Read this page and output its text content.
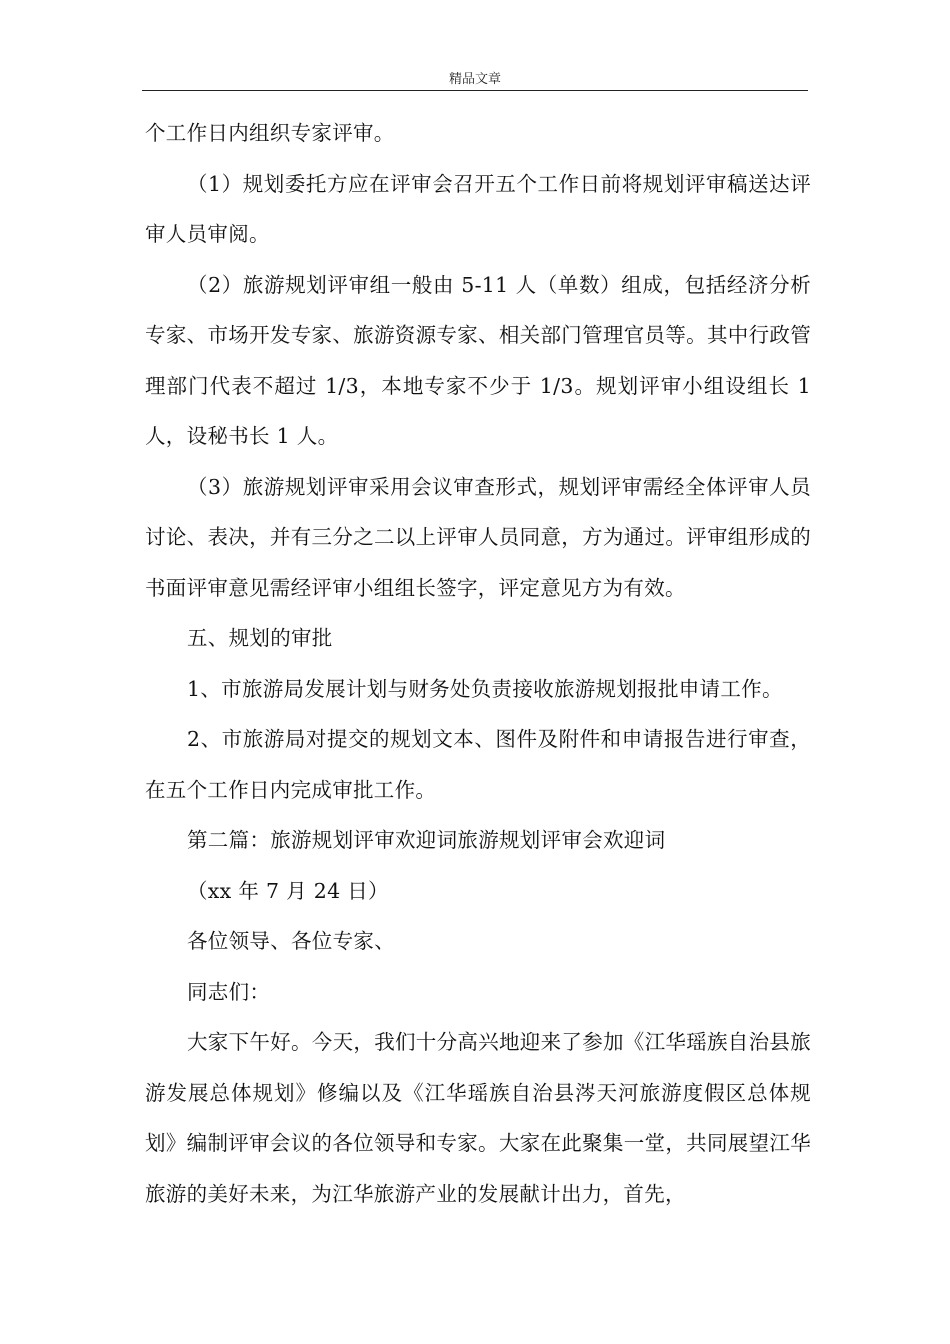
精品文章

个工作日内组织专家评审。

（1）规划委托方应在评审会召开五个工作日前将规划评审稿送达评审人员审阅。

（2）旅游规划评审组一般由 5-11 人（单数）组成，包括经济分析专家、市场开发专家、旅游资源专家、相关部门管理官员等。其中行政管理部门代表不超过 1/3，本地专家不少于 1/3。规划评审小组设组长 1 人，设秘书长 1 人。

（3）旅游规划评审采用会议审查形式，规划评审需经全体评审人员讨论、表决，并有三分之二以上评审人员同意，方为通过。评审组形成的书面评审意见需经评审小组组长签字，评定意见方为有效。

五、规划的审批

1、市旅游局发展计划与财务处负责接收旅游规划报批申请工作。

2、市旅游局对提交的规划文本、图件及附件和申请报告进行审查，在五个工作日内完成审批工作。

第二篇：旅游规划评审欢迎词旅游规划评审会欢迎词

（xx 年 7 月 24 日）

各位领导、各位专家、

同志们：

大家下午好。今天，我们十分高兴地迎来了参加《江华瑶族自治县旅游发展总体规划》修编以及《江华瑶族自治县涔天河旅游度假区总体规划》编制评审会议的各位领导和专家。大家在此聚集一堂，共同展望江华旅游的美好未来，为江华旅游产业的发展献计出力，首先，
